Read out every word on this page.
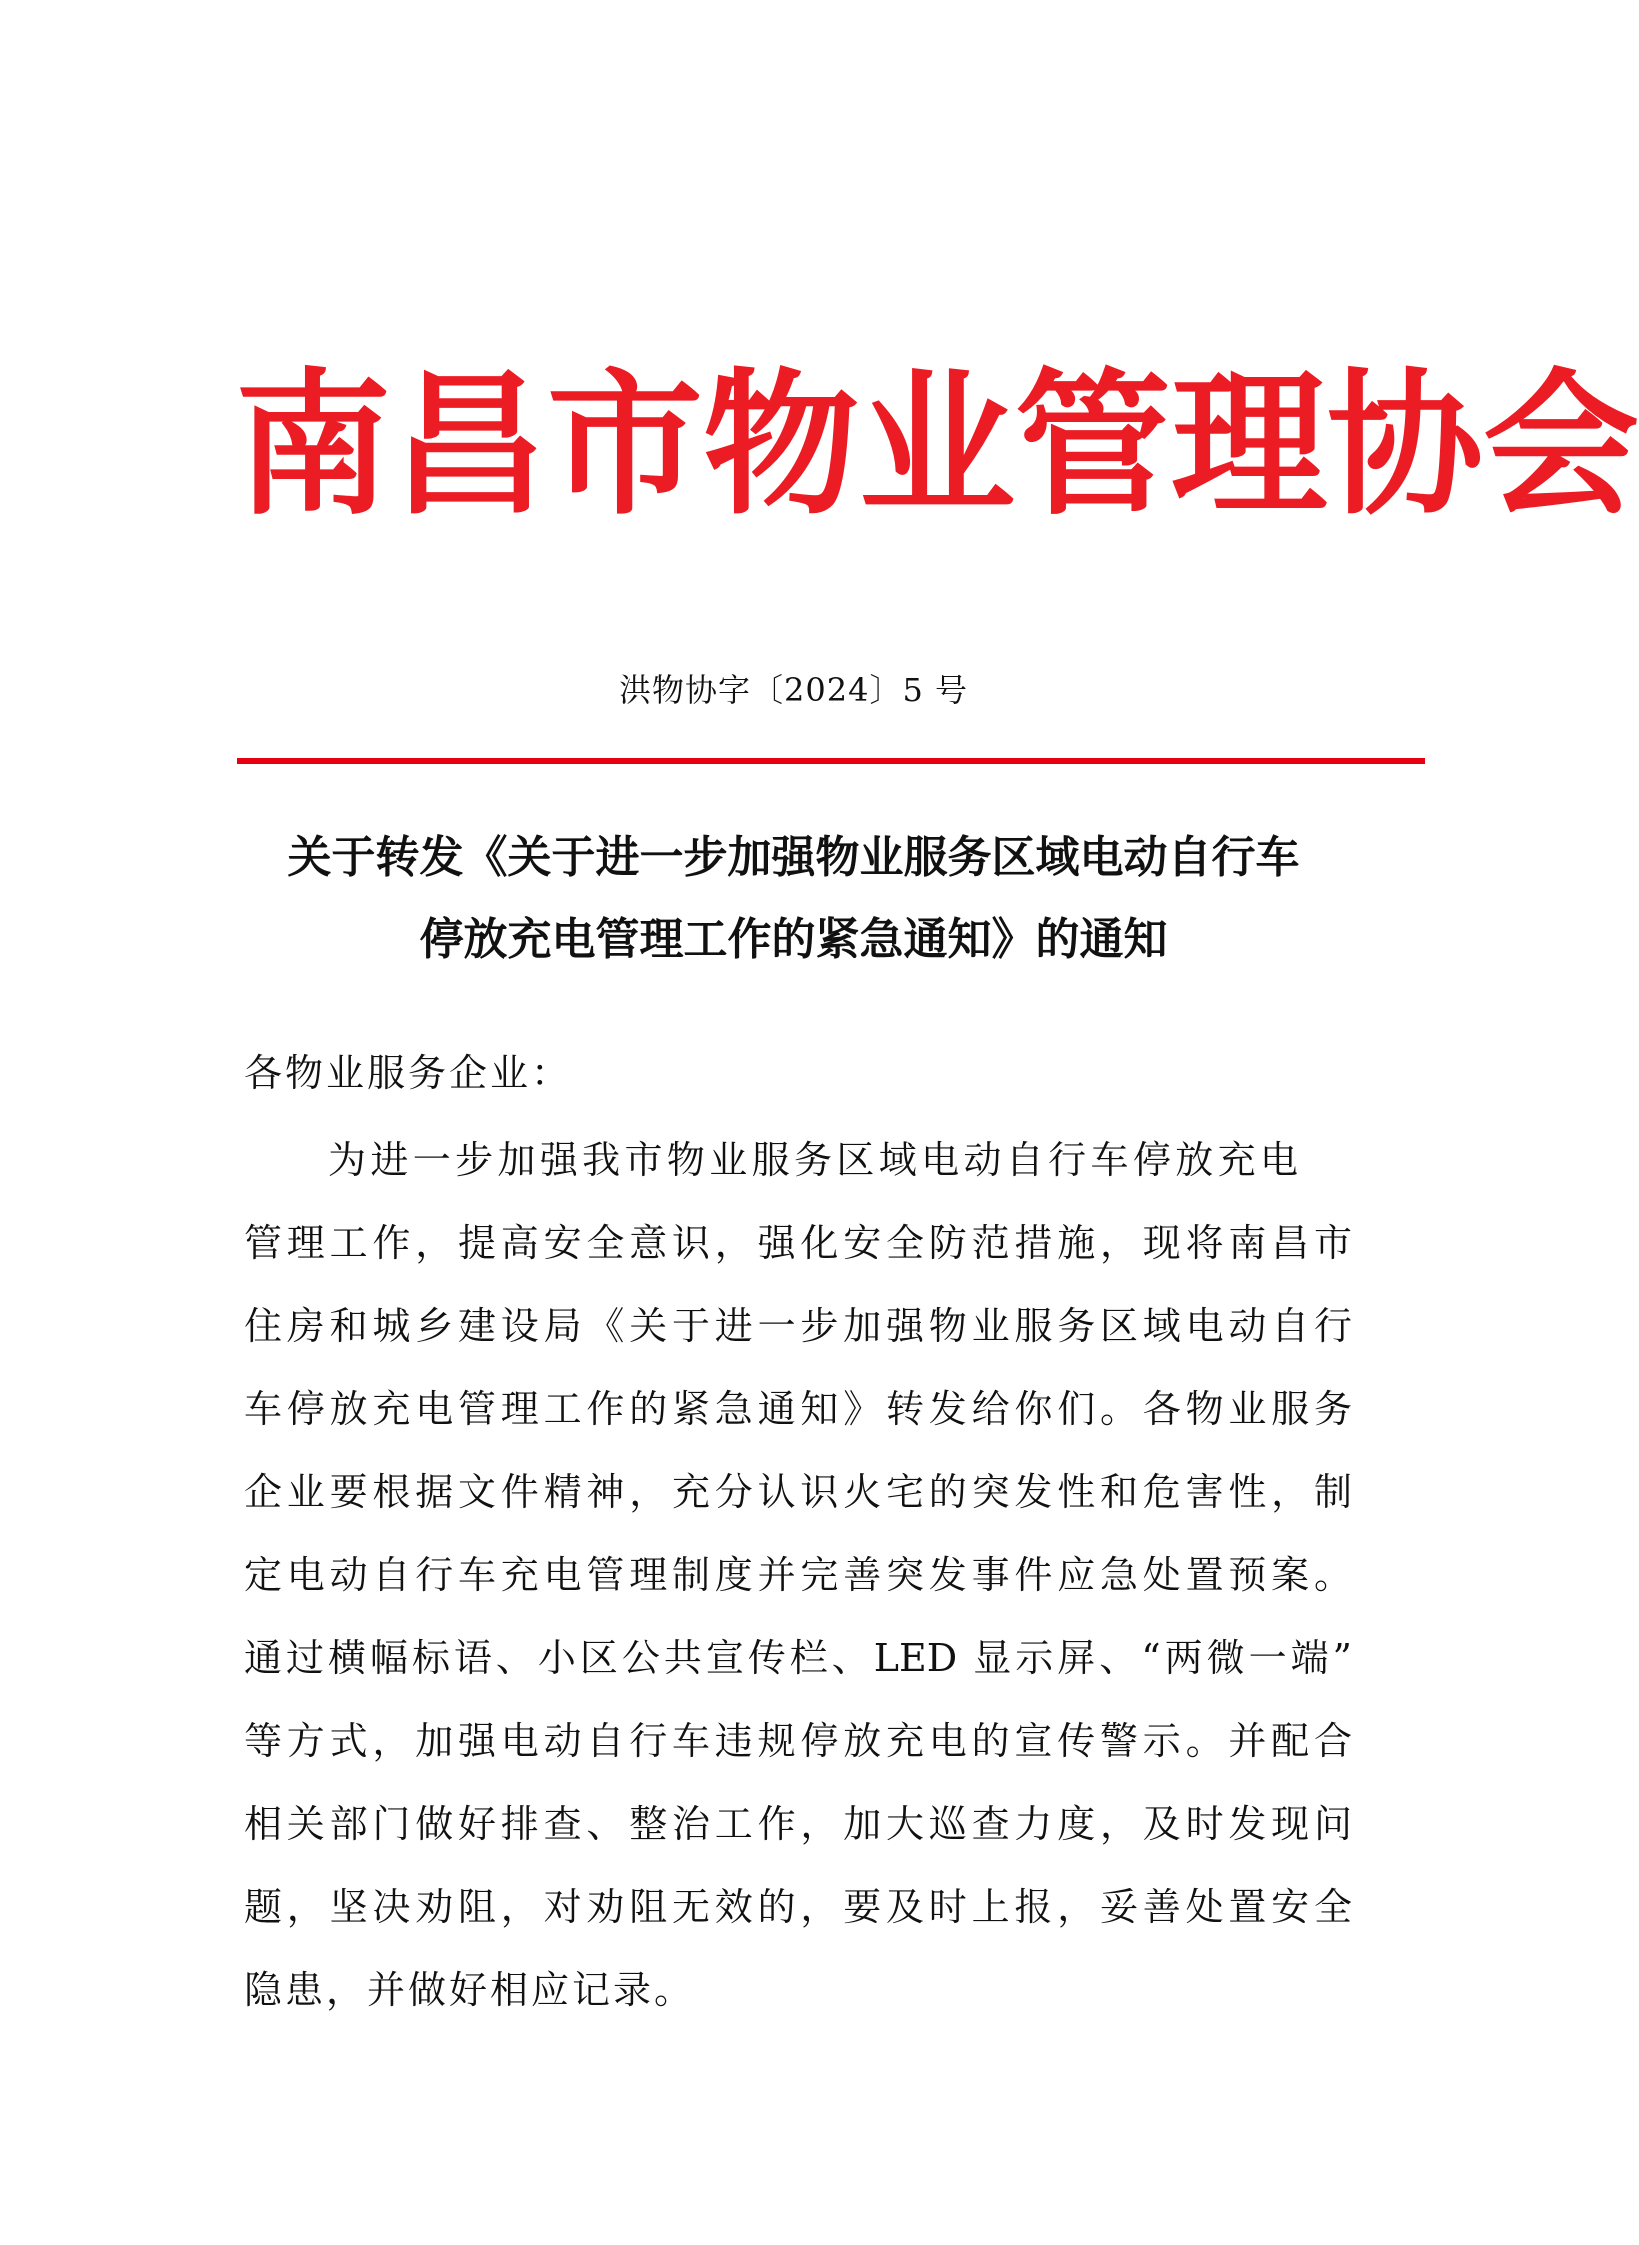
南 昌 市 物 业 管 理 协 会
洪物协字〔2024〕5 号
关于转发《关于进一步加强物业服务区域电动自行车
停放充电管理工作的紧急通知》的通知
各物业服务企业：
为进一步加强我市物业服务区域电动自行车停放充电
管理工作，提高安全意识，强化安全防范措施，现将南昌市
住房和城乡建设局《关于进一步加强物业服务区域电动自行
车停放充电管理工作的紧急通知》转发给你们。各物业服务
企业要根据文件精神，充分认识火宅的突发性和危害性，制
定电动自行车充电管理制度并完善突发事件应急处置预案。
通过横幅标语、小区公共宣传栏、LED 显示屏、“两微一端”
等方式，加强电动自行车违规停放充电的宣传警示。并配合
相关部门做好排查、整治工作，加大巡查力度，及时发现问
题，坚决劝阻，对劝阻无效的，要及时上报，妥善处置安全
隐患，并做好相应记录。
